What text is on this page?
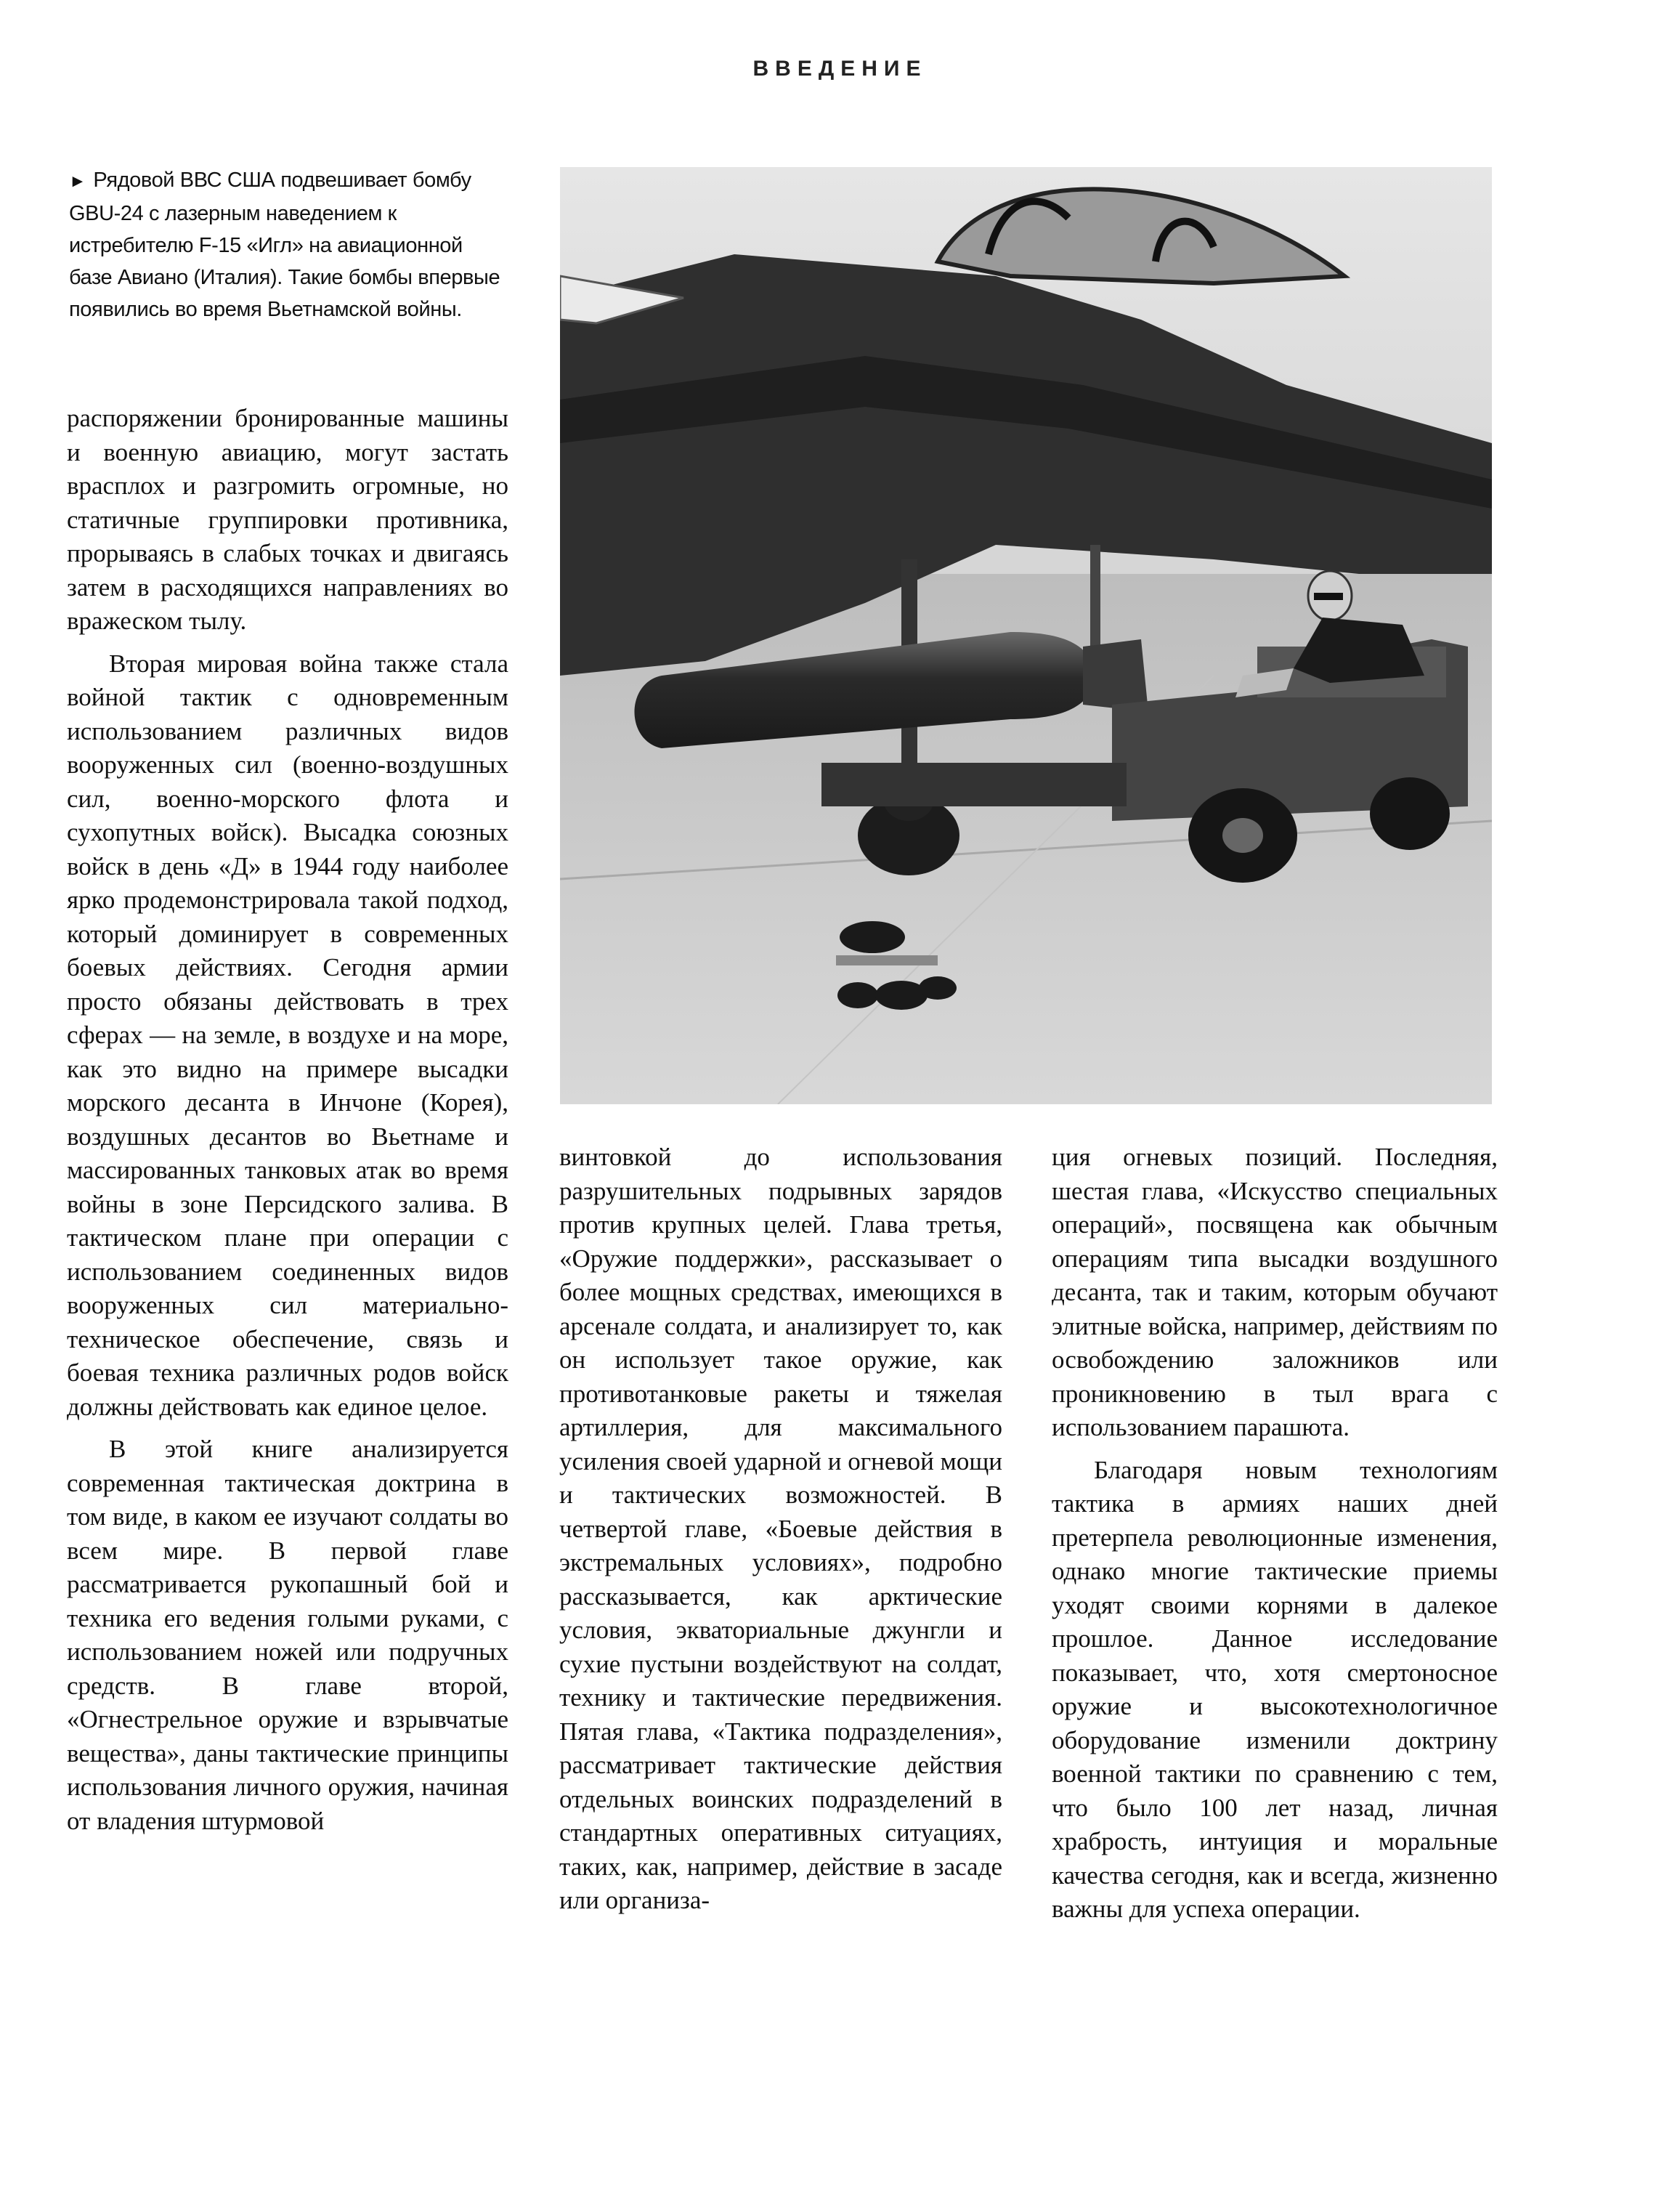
ВВЕДЕНИЕ
► Рядовой ВВС США подвешивает бомбу GBU-24 с лазерным наведением к истребителю F-15 «Игл» на авиационной базе Авиано (Италия). Такие бомбы впервые появились во время Вьетнамской войны.

распоряжении бронированные машины и военную авиацию, могут застать врасплох и разгромить огромные, но статичные группировки противника, прорываясь в слабых точках и двигаясь затем в расходящихся направлениях во вражеском тылу.

Вторая мировая война также стала войной тактик с одновременным использованием различных видов вооруженных сил (военно-воздушных сил, военно-морского флота и сухопутных войск). Высадка союзных войск в день «Д» в 1944 году наиболее ярко продемонстрировала такой подход, который доминирует в современных боевых действиях. Сегодня армии просто обязаны действовать в трех сферах — на земле, в воздухе и на море, как это видно на примере высадки морского десанта в Инчоне (Корея), воздушных десантов во Вьетнаме и массированных танковых атак во время войны в зоне Персидского залива. В тактическом плане при операции с использованием соединенных видов вооруженных сил материально-техническое обеспечение, связь и боевая техника различных родов войск должны действовать как единое целое.

В этой книге анализируется современная тактическая доктрина в том виде, в каком ее изучают солдаты во всем мире. В первой главе рассматривается рукопашный бой и техника его ведения голыми руками, с использованием ножей или подручных средств. В главе второй, «Огнестрельное оружие и взрывчатые вещества», даны тактические принципы использования личного оружия, начиная от владения штурмовой

винтовкой до использования разрушительных подрывных зарядов против крупных целей. Глава третья, «Оружие поддержки», рассказывает о более мощных средствах, имеющихся в арсенале солдата, и анализирует то, как он использует такое оружие, как противотанковые ракеты и тяжелая артиллерия, для максимального усиления своей ударной и огневой мощи и тактических возможностей. В четвертой главе, «Боевые действия в экстремальных условиях», подробно рассказывается, как арктические условия, экваториальные джунгли и сухие пустыни воздействуют на солдат, технику и тактические передвижения. Пятая глава, «Тактика подразделения», рассматривает тактические действия отдельных воинских подразделений в стандартных оперативных ситуациях, таких, как, например, действие в засаде или организа-

ция огневых позиций. Последняя, шестая глава, «Искусство специальных операций», посвящена как обычным операциям типа высадки воздушного десанта, так и таким, которым обучают элитные войска, например, действиям по освобождению заложников или проникновению в тыл врага с использованием парашюта.

Благодаря новым технологиям тактика в армиях наших дней претерпела революционные изменения, однако многие тактические приемы уходят своими корнями в далекое прошлое. Данное исследование показывает, что, хотя смертоносное оружие и высокотехнологичное оборудование изменили доктрину военной тактики по сравнению с тем, что было 100 лет назад, личная храбрость, интуиция и моральные качества сегодня, как и всегда, жизненно важны для успеха операции.
